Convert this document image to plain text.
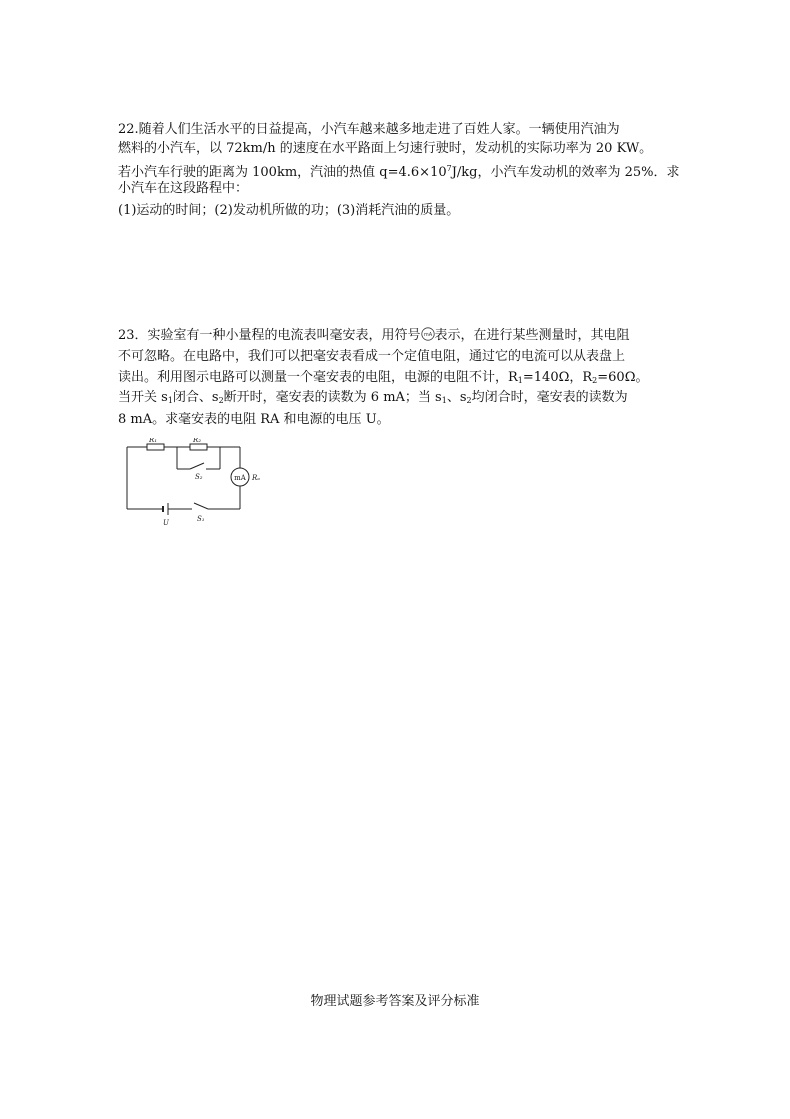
22.随着人们生活水平的日益提高，小汽车越来越多地走进了百姓人家。一辆使用汽油为
燃料的小汽车，以 72km/h 的速度在水平路面上匀速行驶时，发动机的实际功率为 20 KW。
若小汽车行驶的距离为 100km，汽油的热值 $q=4.6\times 10^7J/kg$，小汽车发动机的效率为 25%．求
小汽车在这段路程中：
(1)运动的时间；(2)发动机所做的功；(3)消耗汽油的质量。
23．实验室有一种小量程的电流表叫毫安表，用符号 mA 表示，在进行某些测量时，其电阻
不可忽略。在电路中，我们可以把毫安表看成一个定值电阻，通过它的电流可以从表盘上
读出。利用图示电路可以测量一个毫安表的电阻，电源的电阻不计，$R_1=140\Omega$，$R_2=60\Omega$。
当开关 $s_1$闭合、$s_2$断开时，毫安表的读数为 6 mA；当 $s_1$、$s_2$均闭合时，毫安表的读数为
8 mA。求毫安表的电阻 RA 和电源的电压 U。
R₁	R₂
S₂	mA Rₐ
U	S₁
物理试题参考答案及评分标准
